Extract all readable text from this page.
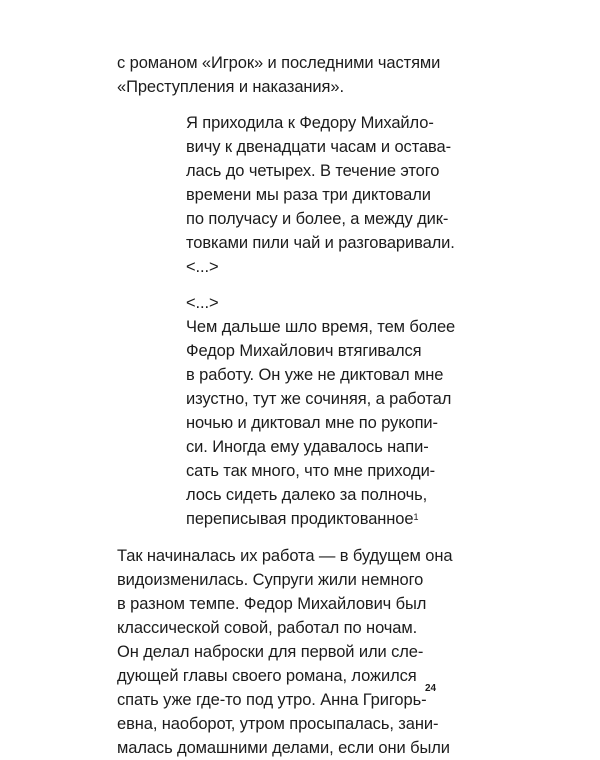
с романом «Игрок» и последними частями
«Преступления и наказания».
Я приходила к Федору Михайло-
вичу к двенадцати часам и остава-
лась до четырех. В течение этого
времени мы раза три диктовали
по получасу и более, а между дик-
товками пили чай и разговаривали.
<...>
<...>
Чем дальше шло время, тем более
Федор Михайлович втягивался
в работу. Он уже не диктовал мне
изустно, тут же сочиняя, а работал
ночью и диктовал мне по рукопи-
си. Иногда ему удавалось напи-
сать так много, что мне приходи-
лось сидеть далеко за полночь,
переписывая продиктованное$^1$
Так начиналась их работа — в будущем она
видоизменилась. Супруги жили немного
в разном темпе. Федор Михайлович был
классической совой, работал по ночам.
Он делал наброски для первой или сле-
дующей главы своего романа, ложился
спать уже где-то под утро. Анна Григорь-
евна, наоборот, утром просыпалась, зани-
малась домашними делами, если они были
24
